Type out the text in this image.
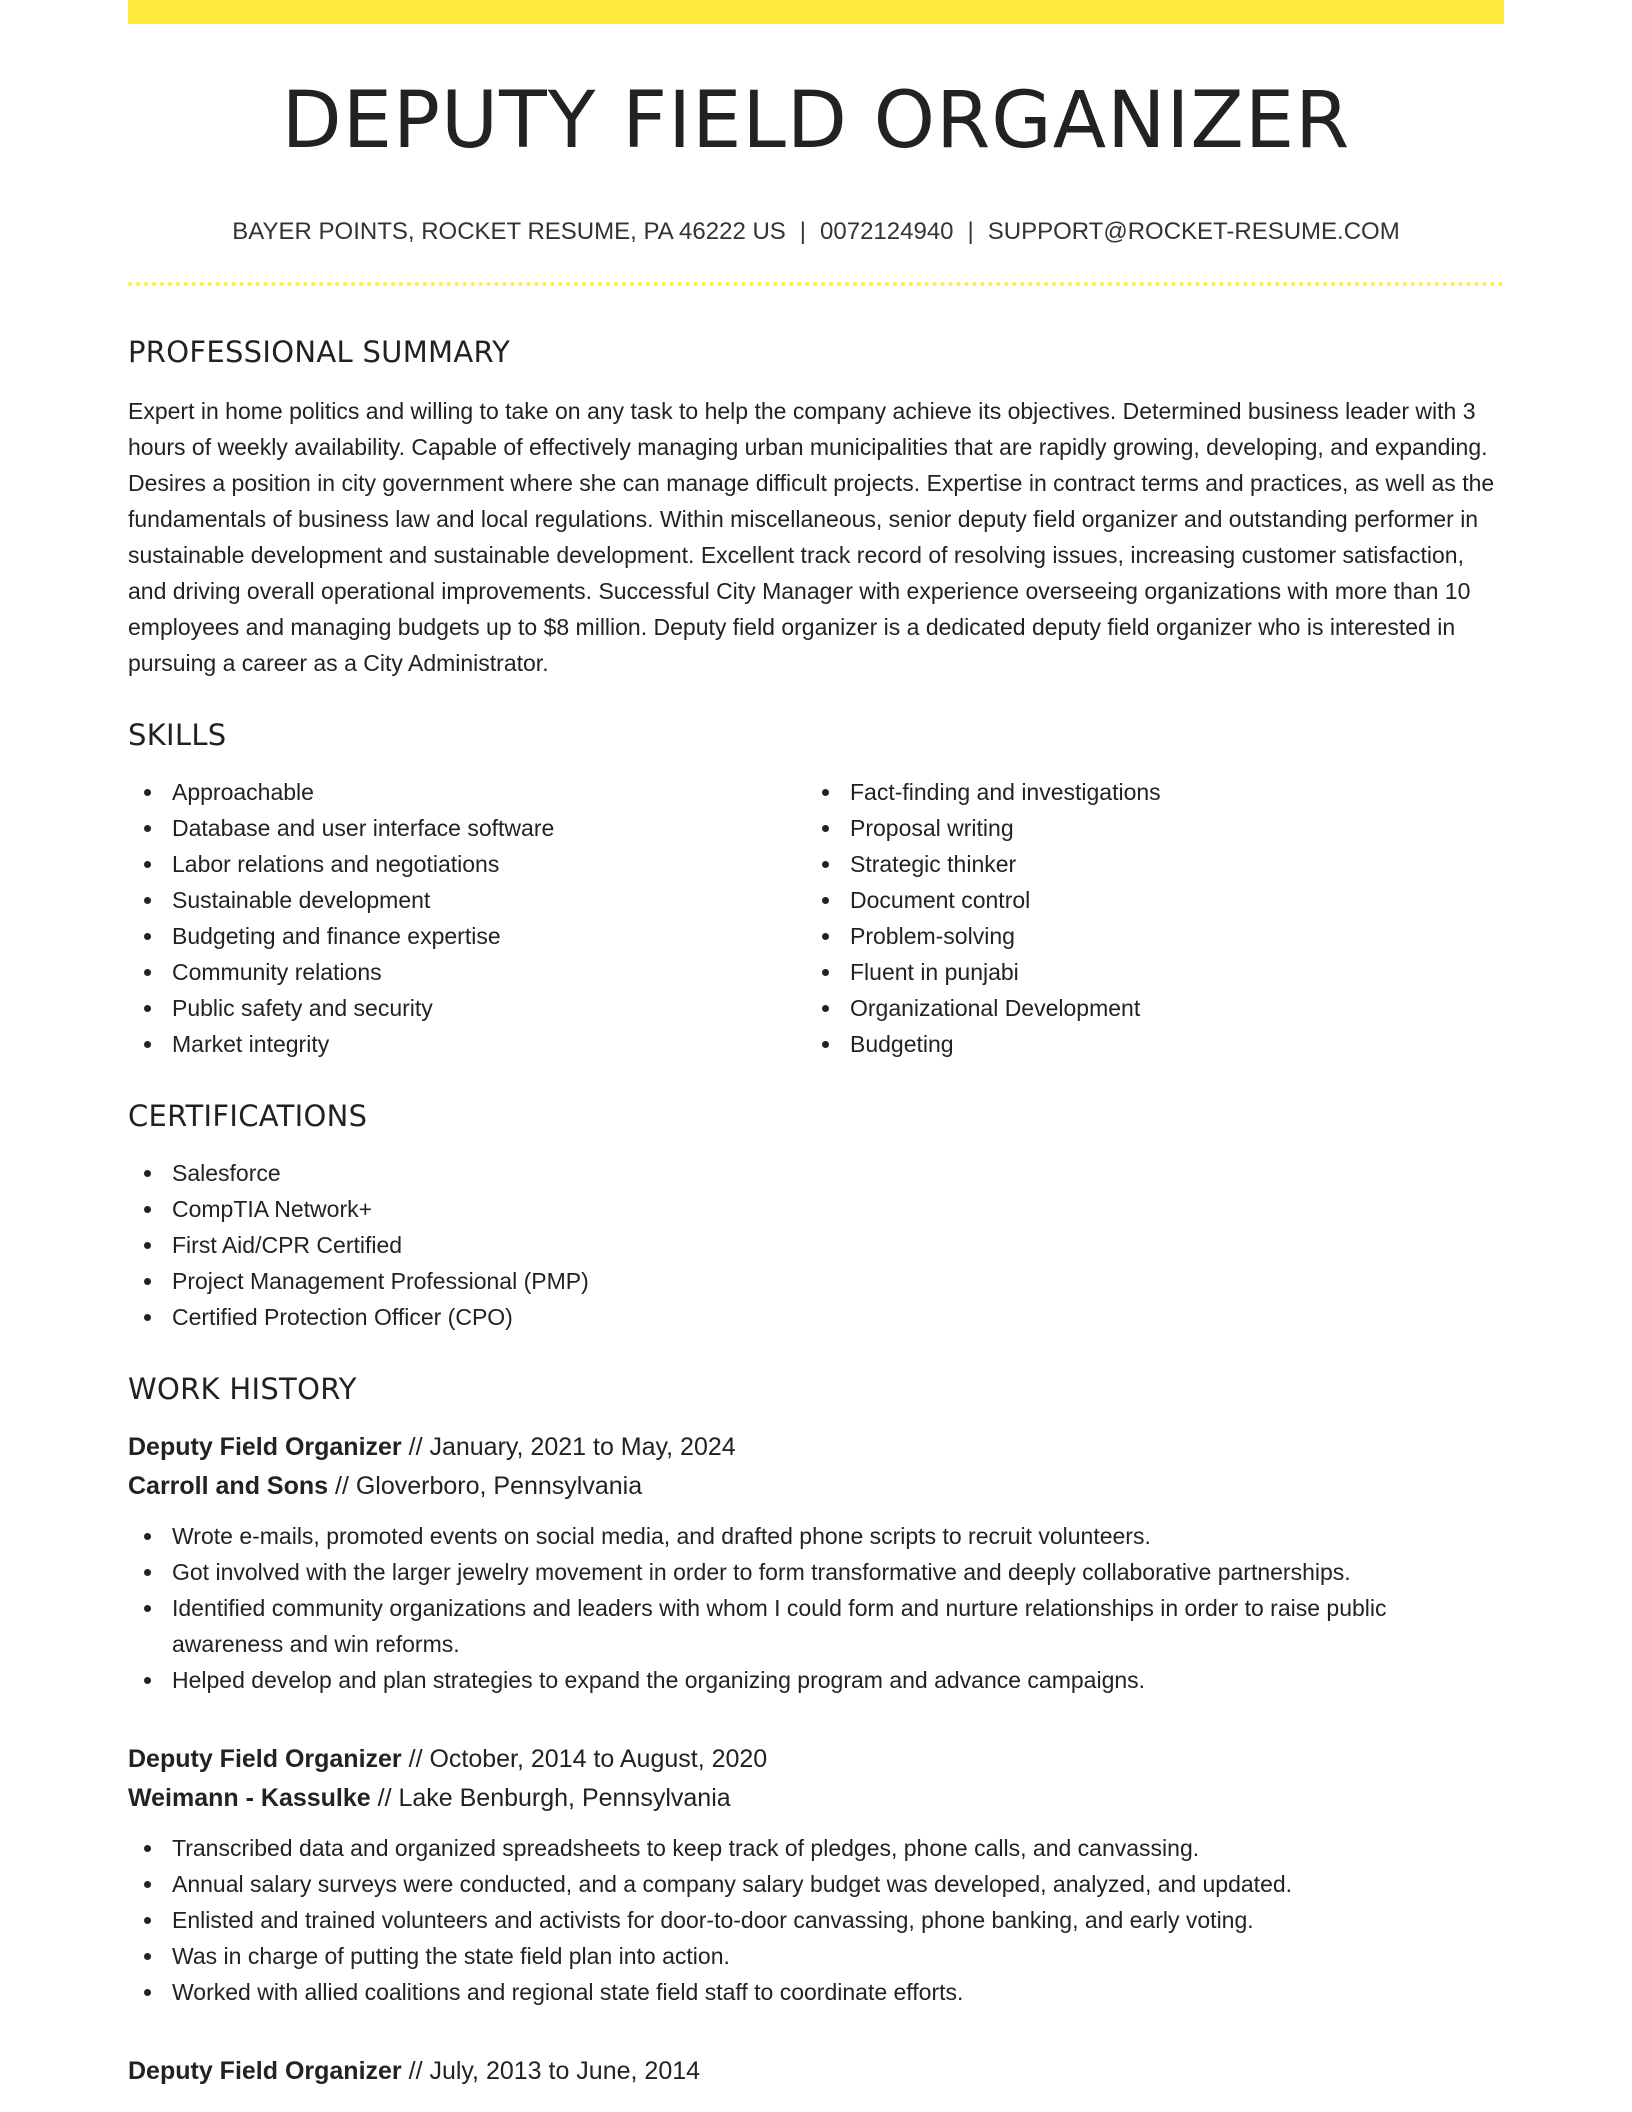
DEPUTY FIELD ORGANIZER
BAYER POINTS, ROCKET RESUME, PA 46222 US | 0072124940 | SUPPORT@ROCKET-RESUME.COM
PROFESSIONAL SUMMARY

Expert in home politics and willing to take on any task to help the company achieve its objectives. Determined business leader with 3 hours of weekly availability. Capable of effectively managing urban municipalities that are rapidly growing, developing, and expanding. Desires a position in city government where she can manage difficult projects. Expertise in contract terms and practices, as well as the fundamentals of business law and local regulations. Within miscellaneous, senior deputy field organizer and outstanding performer in sustainable development and sustainable development. Excellent track record of resolving issues, increasing customer satisfaction, and driving overall operational improvements. Successful City Manager with experience overseeing organizations with more than 10 employees and managing budgets up to $8 million. Deputy field organizer is a dedicated deputy field organizer who is interested in pursuing a career as a City Administrator.

SKILLS
Approachable
Database and user interface software
Labor relations and negotiations
Sustainable development
Budgeting and finance expertise
Community relations
Public safety and security
Market integrity
Fact-finding and investigations
Proposal writing
Strategic thinker
Document control
Problem-solving
Fluent in punjabi
Organizational Development
Budgeting
CERTIFICATIONS
Salesforce
CompTIA Network+
First Aid/CPR Certified
Project Management Professional (PMP)
Certified Protection Officer (CPO)
WORK HISTORY
Deputy Field Organizer // January, 2021 to May, 2024
Carroll and Sons // Gloverboro, Pennsylvania
Wrote e-mails, promoted events on social media, and drafted phone scripts to recruit volunteers.
Got involved with the larger jewelry movement in order to form transformative and deeply collaborative partnerships.
Identified community organizations and leaders with whom I could form and nurture relationships in order to raise public awareness and win reforms.
Helped develop and plan strategies to expand the organizing program and advance campaigns.
Deputy Field Organizer // October, 2014 to August, 2020
Weimann - Kassulke // Lake Benburgh, Pennsylvania
Transcribed data and organized spreadsheets to keep track of pledges, phone calls, and canvassing.
Annual salary surveys were conducted, and a company salary budget was developed, analyzed, and updated.
Enlisted and trained volunteers and activists for door-to-door canvassing, phone banking, and early voting.
Was in charge of putting the state field plan into action.
Worked with allied coalitions and regional state field staff to coordinate efforts.
Deputy Field Organizer // July, 2013 to June, 2014
